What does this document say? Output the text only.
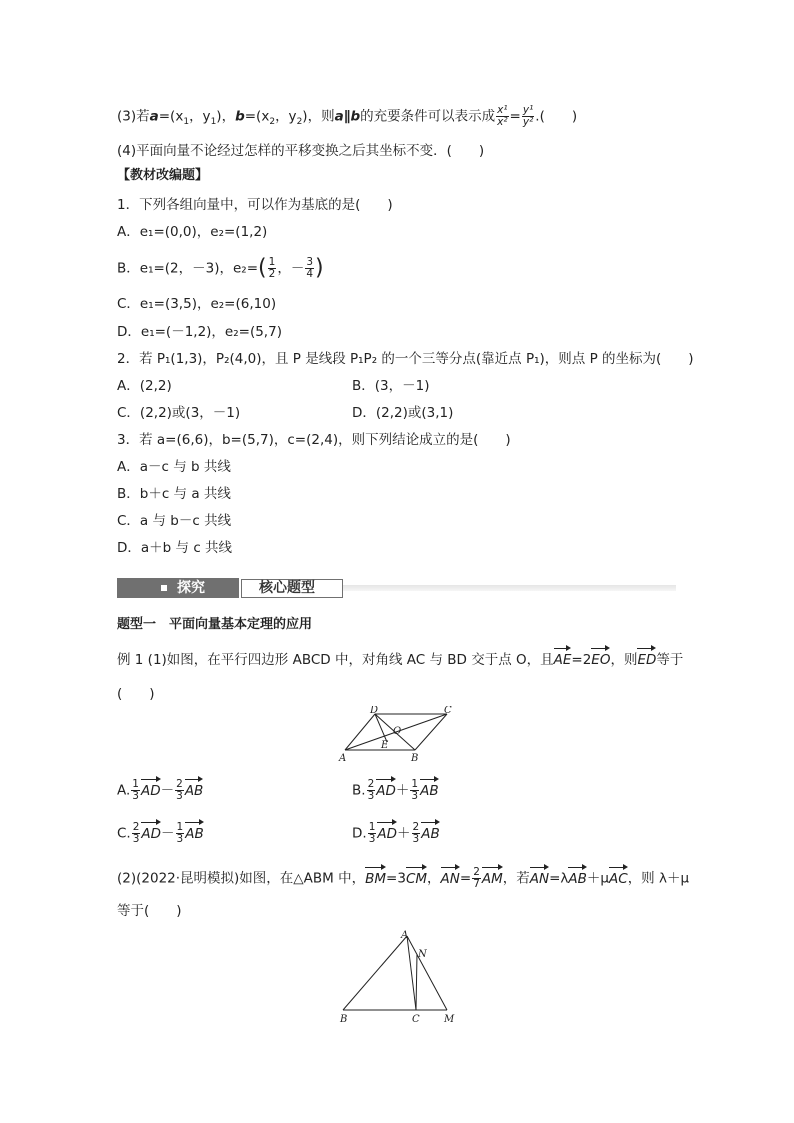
(3)若$a=(x_1$，$y_1$)，$b=(x_2$，$y_2$)，则a∥b的充要条件可以表示成 $\frac{\text{x¹}}{\text{x²}} = \frac{\text{y¹}}{\text{y²}}$ .(　　)
(4)平面向量不论经过怎样的平移变换之后其坐标不变．(　　)
【教材改编题】
1．下列各组向量中，可以作为基底的是(　　)
A．e₁=(0,0)，e₂=(1,2)
B．e₁=(2，－3)，$e_2=( \frac{1}{2}$ ，－ $\frac{3}{4}$ )
C．e₁=(3,5)，e₂=(6,10)
D．e₁=(－1,2)，e₂=(5,7)
2．若 P₁(1,3)，P₂(4,0)，且 P 是线段 P₁P₂ 的一个三等分点(靠近点 P₁)，则点 P 的坐标为(　　)
A．(2,2)	B．(3，－1)
C．(2,2)或(3，－1)	D．(2,2)或(3,1)
3．若 a=(6,6)，b=(5,7)，c=(2,4)，则下列结论成立的是(　　)
A．a－c 与 b 共线
B．b＋c 与 a 共线
C．a 与 b－c 共线
D．a＋b 与 c 共线
探究	核心题型
题型一　平面向量基本定理的应用
例 1 (1)如图，在平行四边形 ABCD 中，对角线 AC 与 BD 交于点 O，且AE=2EO，则ED等于
(　　)
A	B
C
D
O
E
A. $\frac{1}{3} AD- \frac{2}{3}$ AB	B. $\frac{2}{3} AD+ \frac{1}{3}$ AB
C. $\frac{2}{3} AD- \frac{1}{3}$ AB	D. $\frac{1}{3} AD+ \frac{2}{3}$ AB
(2)(2022·昆明模拟)如图，在△ABM 中，BM=3CM，$AN= \frac{2}{7}$ AM，若AN=λAB＋μAC，则 λ＋μ
等于(　　)
A
N
B	C M
